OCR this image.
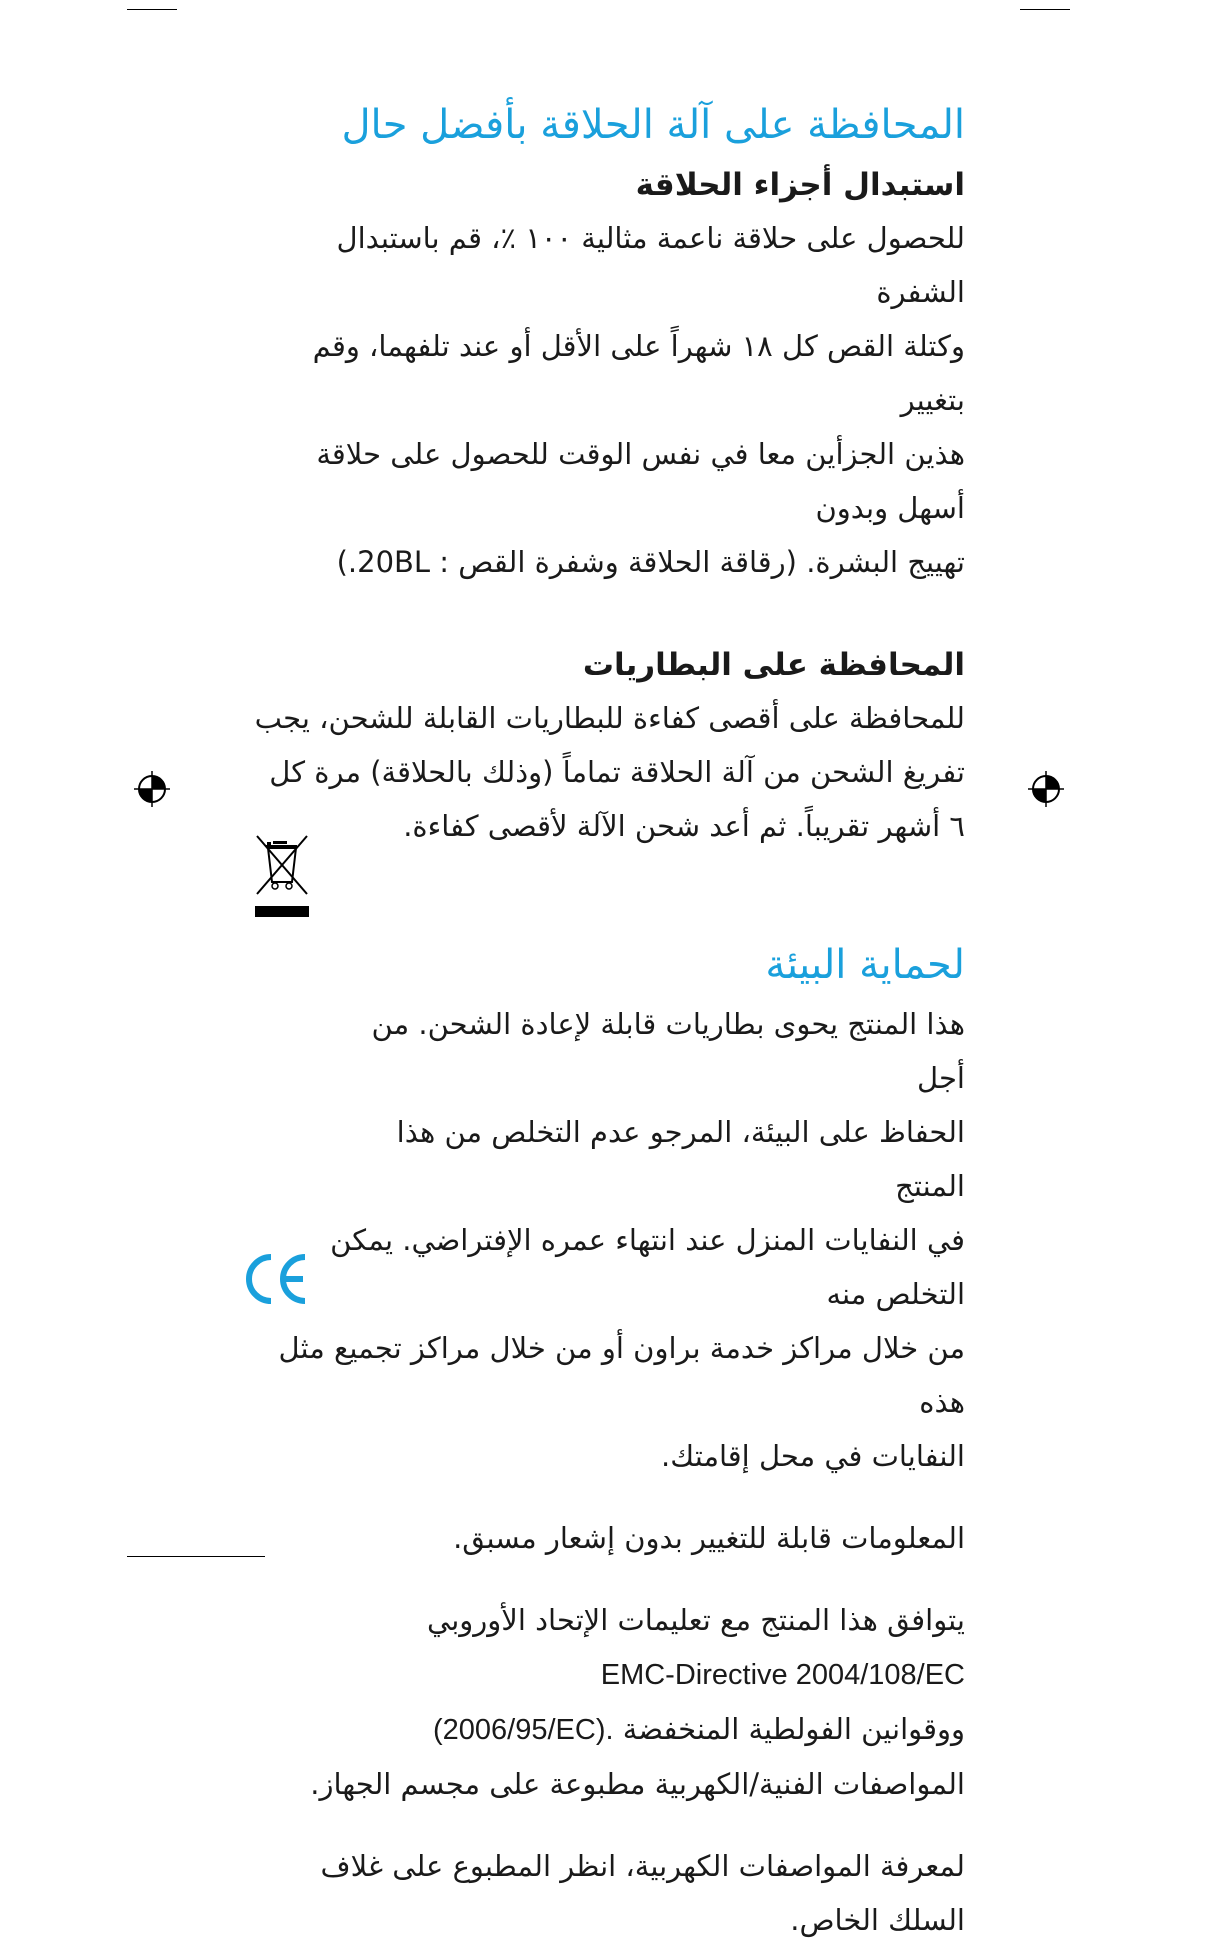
المحافظة على آلة الحلاقة بأفضل حال
استبدال أجزاء الحلاقة

للحصول على حلاقة ناعمة مثالية ١٠٠ ٪، قم باستبدال الشفرة

وكتلة القص كل ١٨ شهراً على الأقل أو عند تلفهما، وقم بتغيير

هذين الجزأين معا في نفس الوقت للحصول على حلاقة أسهل وبدون

تهييج البشرة. (رقاقة الحلاقة وشفرة القص : 20BL.)

المحافظة على البطاريات

للمحافظة على أقصى كفاءة للبطاريات القابلة للشحن، يجب

تفريغ الشحن من آلة الحلاقة تماماً (وذلك بالحلاقة) مرة كل

٦ أشهر تقريباً. ثم أعد شحن الآلة لأقصى كفاءة.

لحماية البيئة

هذا المنتج يحوى بطاريات قابلة لإعادة الشحن. من أجل

الحفاظ على البيئة، المرجو عدم التخلص من هذا المنتج

في النفايات المنزل عند انتهاء عمره الإفتراضي. يمكن التخلص منه

من خلال مراكز خدمة براون أو من خلال مراكز تجميع مثل هذه

النفايات في محل إقامتك.

المعلومات قابلة للتغيير بدون إشعار مسبق.

يتوافق هذا المنتج مع تعليمات الإتحاد الأوروبي

EMC-Directive 2004/108/EC

ووقوانين الفولطية المنخفضة (2006/95/EC).

المواصفات الفنية/الكهربية مطبوعة على مجسم الجهاز.

لمعرفة المواصفات الكهربية، انظر المطبوع على غلاف السلك الخاص.
